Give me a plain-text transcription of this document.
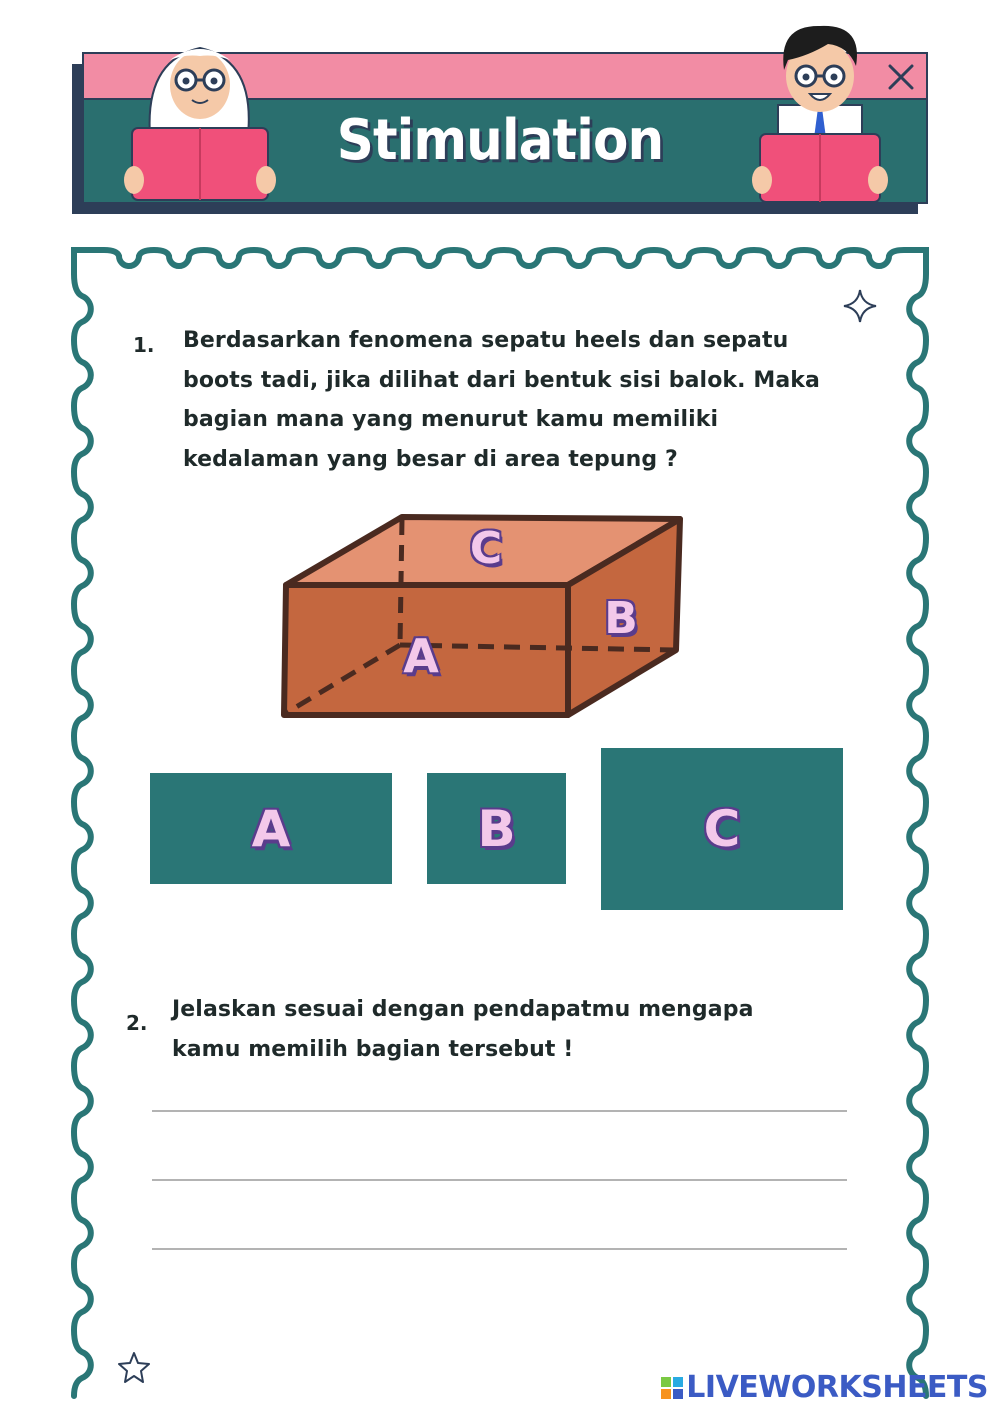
Stimulation
1. Berdasarkan fenomena sepatu heels dan sepatu
boots tadi, jika dilihat dari bentuk sisi balok. Maka
bagian mana yang menurut kamu memiliki
kedalaman yang besar di area tepung ?
C
B
A
A	B	C
2.
Jelaskan sesuai dengan pendapatmu mengapa
kamu memilih bagian tersebut !
LIVEWORKSHEETS
